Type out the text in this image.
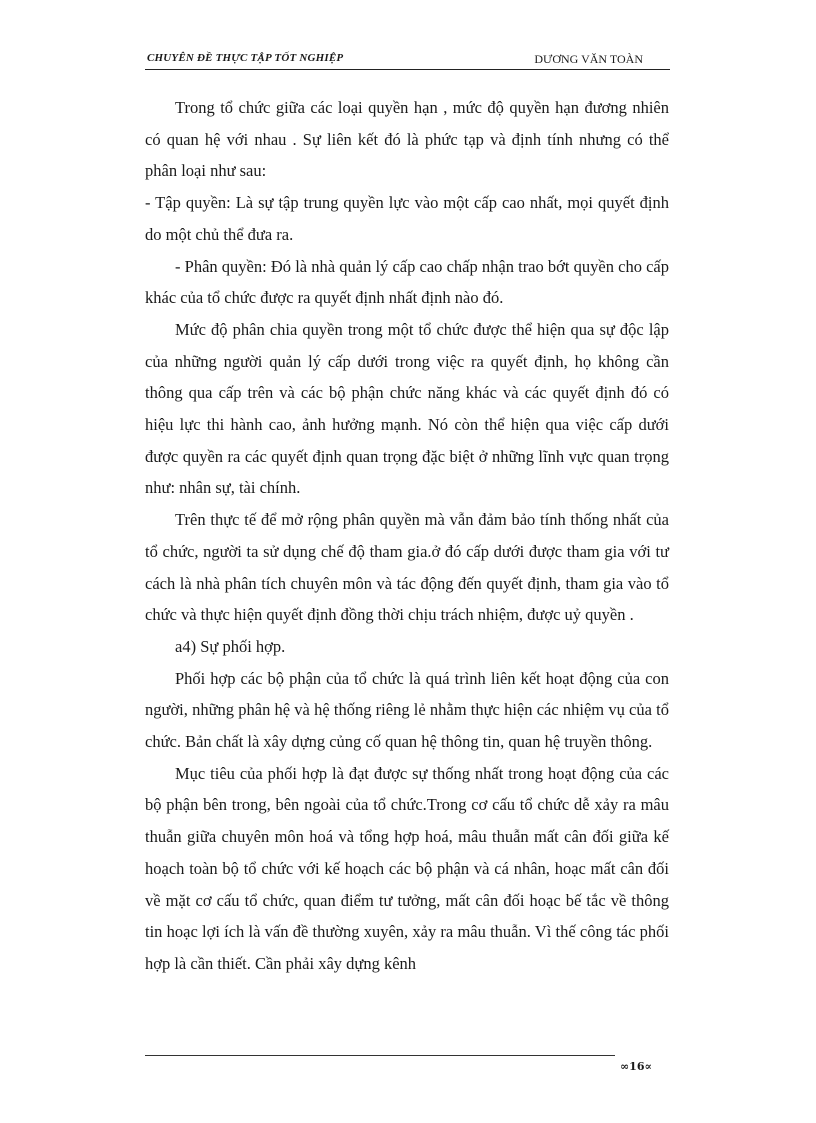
CHUYÊN ĐỀ THỰC TẬP TỐT NGHIỆP	DƯƠNG VĂN TOÀN

Trong tổ chức giữa các loại quyền hạn , mức độ quyền hạn đương nhiên có quan hệ với nhau . Sự liên kết đó là phức tạp và định tính nhưng có thể phân loại như sau:

- Tập quyền: Là sự tập trung quyền lực vào một cấp cao nhất, mọi quyết định do một chủ thể đưa ra.

- Phân quyền: Đó là nhà quản lý cấp cao chấp nhận trao bớt quyền cho cấp khác của tổ chức được ra quyết định nhất định nào đó.

Mức độ phân chia quyền trong một tổ chức được thể hiện qua sự độc lập của những người quản lý cấp dưới trong việc ra quyết định, họ không cần thông qua cấp trên và các bộ phận chức năng khác và các quyết định đó có hiệu lực thi hành cao, ảnh hưởng mạnh. Nó còn thể hiện qua việc cấp dưới được quyền ra các quyết định quan trọng đặc biệt ở những lĩnh vực quan trọng như: nhân sự, tài chính.

Trên thực tế để mở rộng phân quyền mà vẫn đảm bảo tính thống nhất của tổ chức, người ta sử dụng chế độ tham gia.ở đó cấp dưới được tham gia với tư cách là nhà phân tích chuyên môn và tác động đến quyết định, tham gia vào tổ chức và thực hiện quyết định đồng thời chịu trách nhiệm, được uỷ quyền .

a4) Sự phối hợp.

Phối hợp các bộ phận của tổ chức là quá trình liên kết hoạt động của con người, những phân hệ và hệ thống riêng lẻ nhằm thực hiện các nhiệm vụ của tổ chức. Bản chất là xây dựng củng cố quan hệ thông tin, quan hệ truyền thông.

Mục tiêu của phối hợp là đạt được sự thống nhất trong hoạt động của các bộ phận bên trong, bên ngoài của tổ chức.Trong cơ cấu tổ chức dễ xảy ra mâu thuẫn giữa chuyên môn hoá và tổng hợp hoá, mâu thuẫn mất cân đối giữa kế hoạch toàn bộ tổ chức với kế hoạch các bộ phận và cá nhân, hoạc mất cân đối về mặt cơ cấu tổ chức, quan điểm tư tưởng, mất cân đối hoạc bế tắc về thông tin hoạc lợi ích là vấn đề thường xuyên, xảy ra mâu thuẫn. Vì thế công tác phối hợp là cần thiết. Cần phải xây dựng kênh

∞16∝
